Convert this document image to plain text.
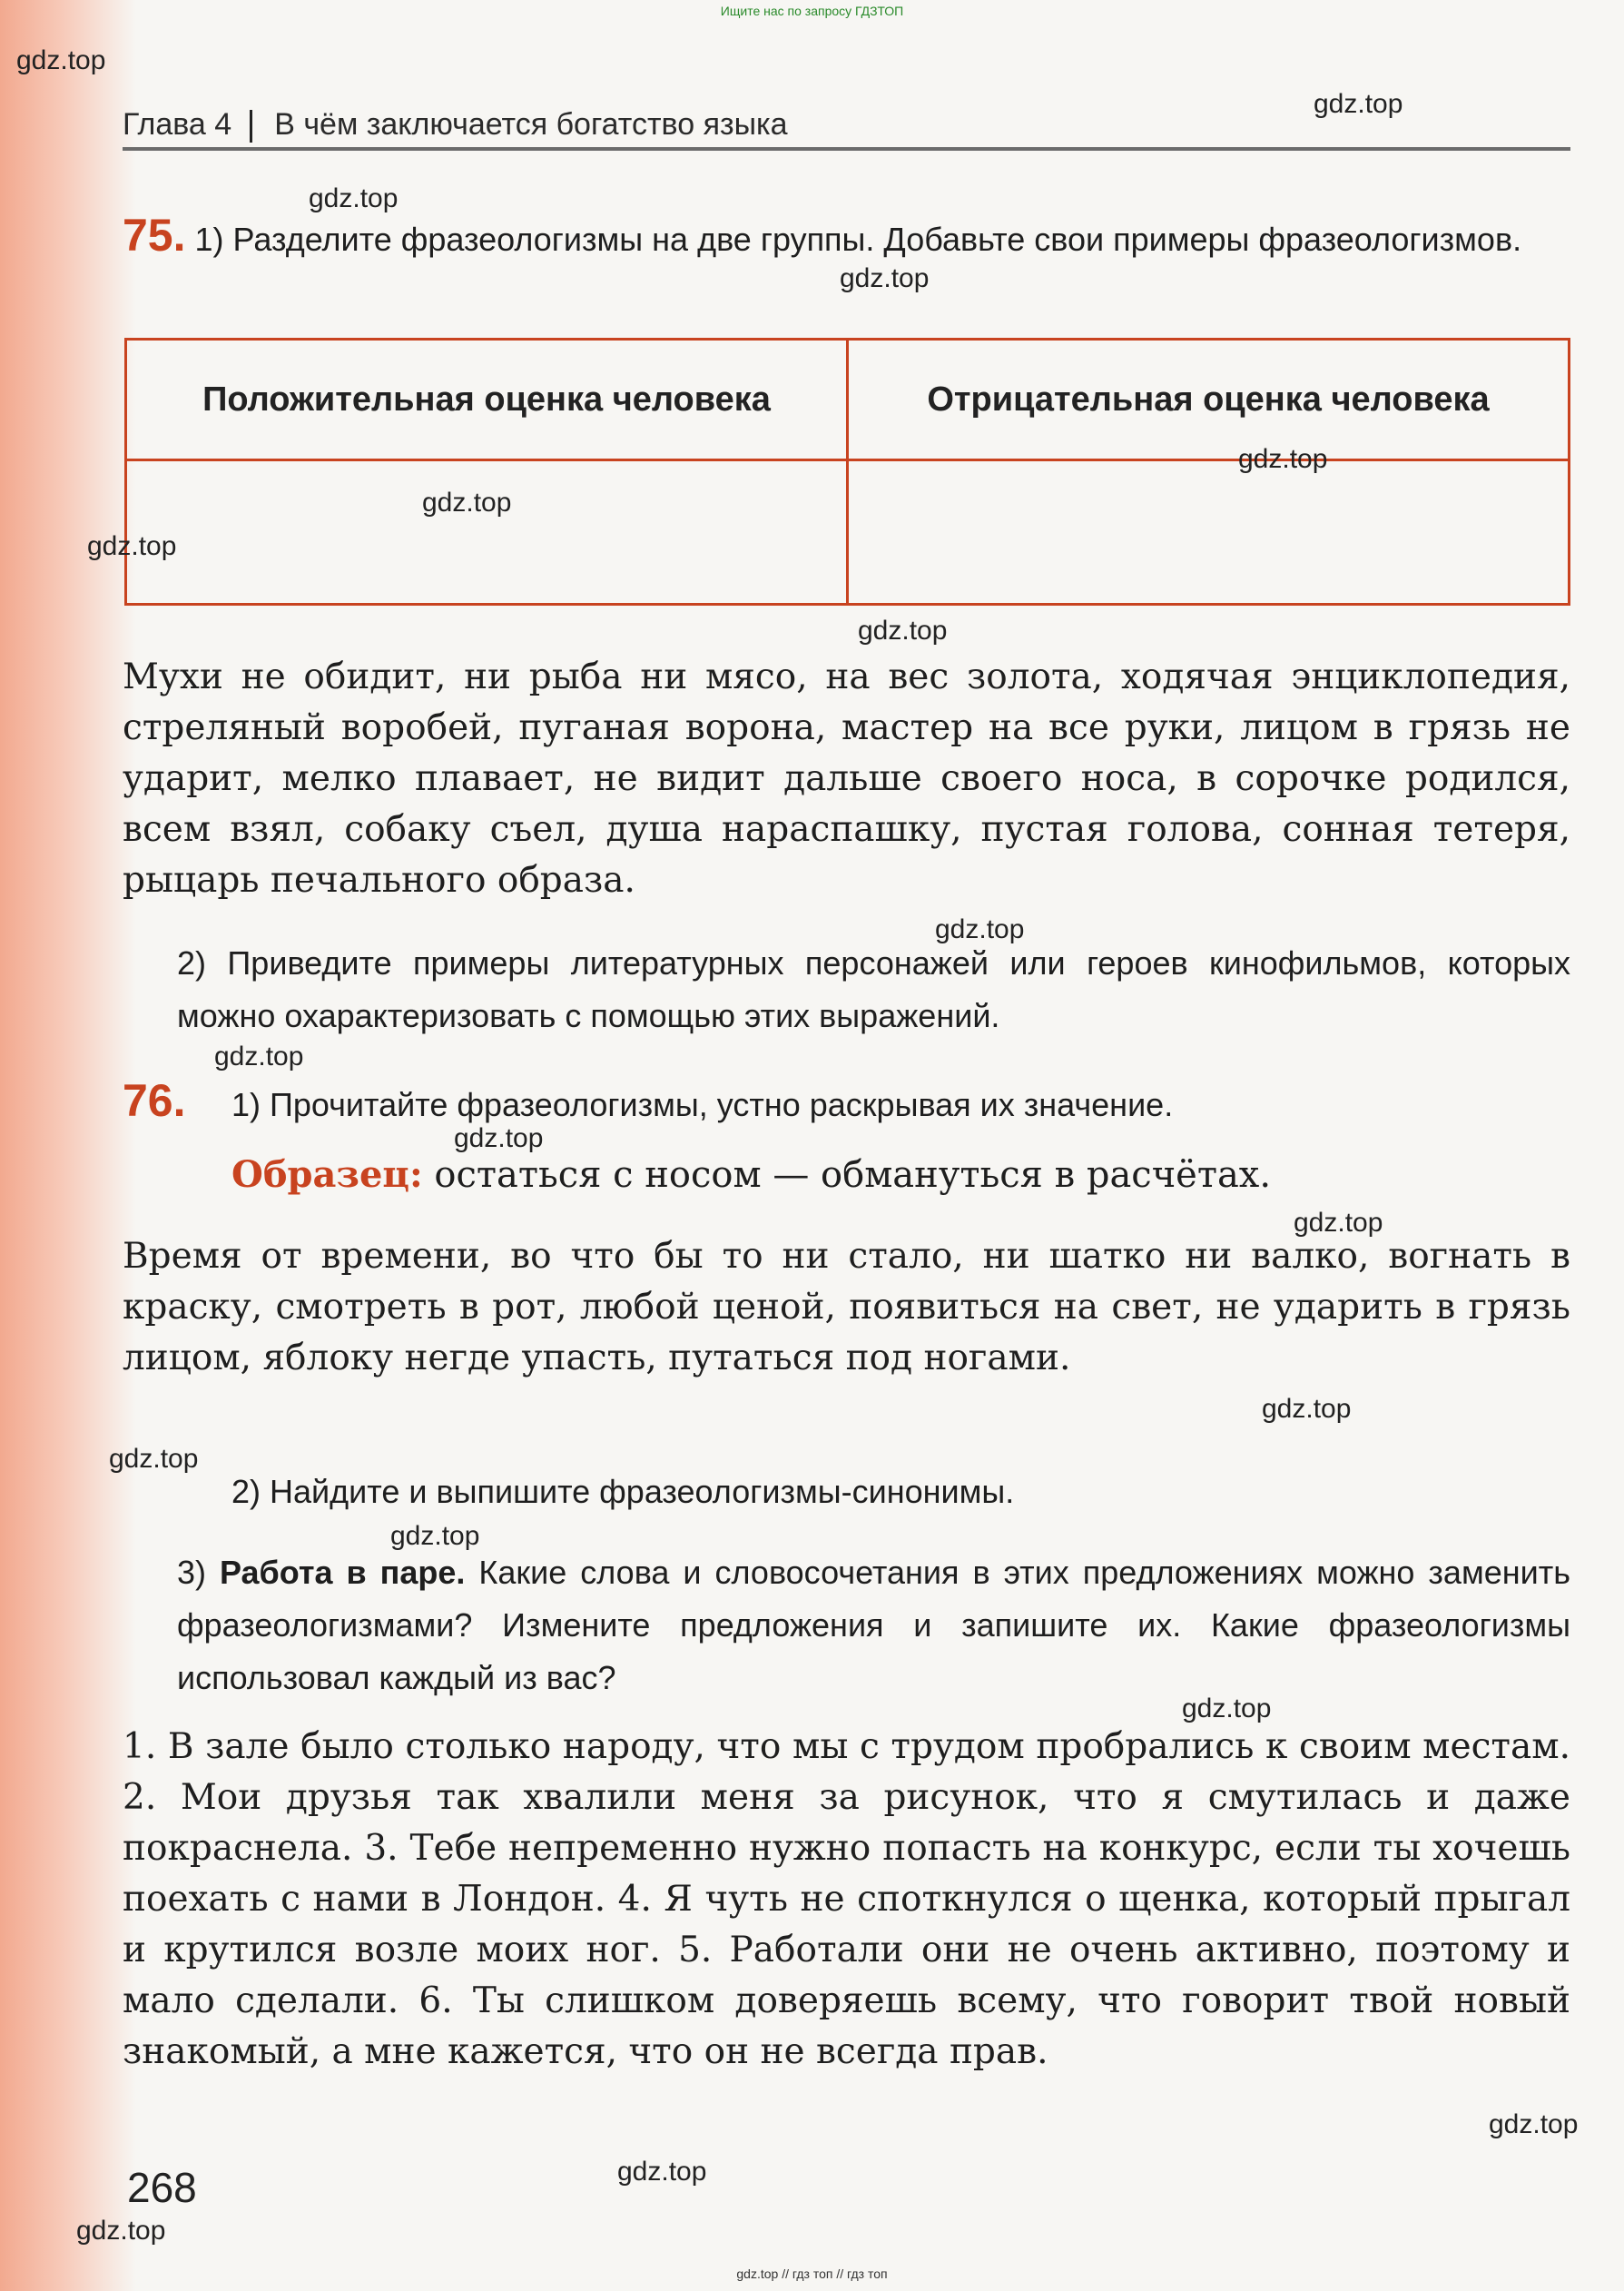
Ищите нас по запросу ГДЗТОП
Глава 4 В чём заключается богатство языка

75. 1) Разделите фразеологизмы на две группы. Добавьте свои примеры фразеологизмов.

Положительная оценка человека	Отрицательная оценка человека

Мухи не обидит, ни рыба ни мясо, на вес золота, ходячая энциклопедия, стреляный воробей, пуганая ворона, мастер на все руки, лицом в грязь не ударит, мелко плавает, не видит дальше своего носа, в сорочке родился, всем взял, собаку съел, душа нараспашку, пустая голова, сонная тетеря, рыцарь печального образа.

2) Приведите примеры литературных персонажей или героев кинофильмов, которых можно охарактеризовать с помощью этих выражений.

76. 1) Прочитайте фразеологизмы, устно раскрывая их значение.

Образец: остаться с носом — обмануться в расчётах.

Время от времени, во что бы то ни стало, ни шатко ни валко, вогнать в краску, смотреть в рот, любой ценой, появиться на свет, не ударить в грязь лицом, яблоку негде упасть, путаться под ногами.

2) Найдите и выпишите фразеологизмы-синонимы.

3) Работа в паре. Какие слова и словосочетания в этих предложениях можно заменить фразеологизмами? Измените предложения и запишите их. Какие фразеологизмы использовал каждый из вас?

1. В зале было столько народу, что мы с трудом пробрались к своим местам. 2. Мои друзья так хвалили меня за рисунок, что я смутилась и даже покраснела. 3. Тебе непременно нужно попасть на конкурс, если ты хочешь поехать с нами в Лондон. 4. Я чуть не споткнулся о щенка, который прыгал и крутился возле моих ног. 5. Работали они не очень активно, поэтому и мало сделали. 6. Ты слишком доверяешь всему, что говорит твой новый знакомый, а мне кажется, что он не всегда прав.

268
gdz.top
gdz.top
gdz.top
gdz.top
gdz.top
gdz.top
gdz.top
gdz.top
gdz.top
gdz.top
gdz.top
gdz.top
gdz.top
gdz.top
gdz.top
gdz.top
gdz.top
gdz.top
gdz.top
gdz.top // гдз топ // гдз топ
